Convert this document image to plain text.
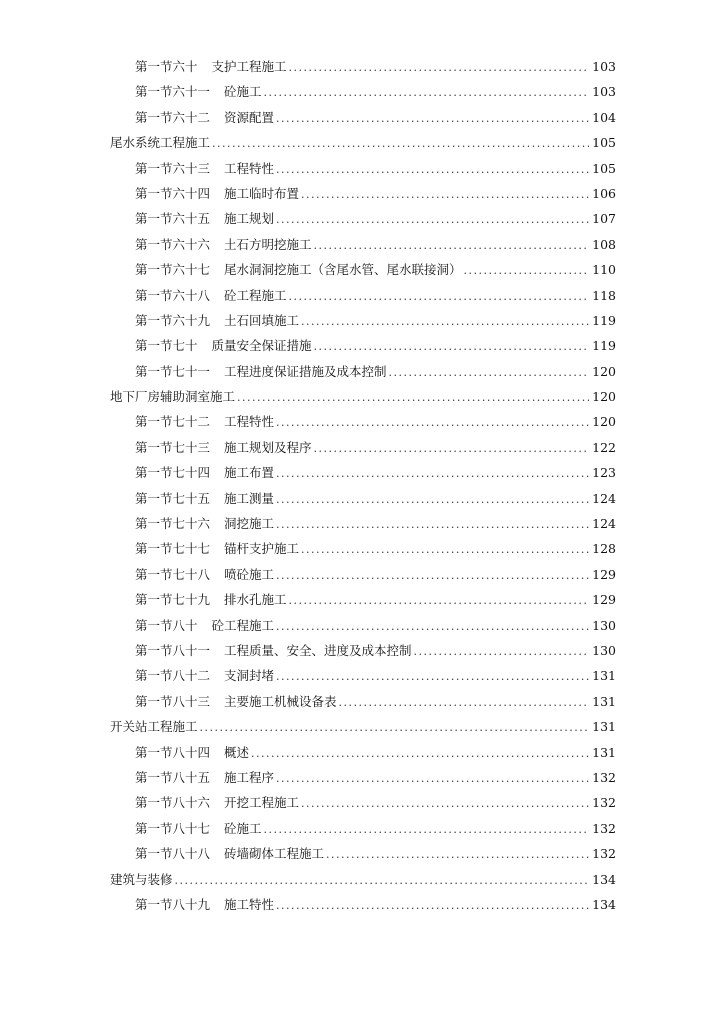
第一节六十 支护工程施工 .....	103
第一节六十一 砼施工 .....	103
第一节六十二 资源配置 .....	104
尾水系统工程施工 .....	105
第一节六十三 工程特性 .....	105
第一节六十四 施工临时布置 .....	106
第一节六十五 施工规划 .....	107
第一节六十六 土石方明挖施工 .....	108
第一节六十七 尾水洞洞挖施工（含尾水管、尾水联接洞） .....	110
第一节六十八 砼工程施工 .....	118
第一节六十九 土石回填施工 .....	119
第一节七十 质量安全保证措施 .....	119
第一节七十一 工程进度保证措施及成本控制 .....	120
地下厂房辅助洞室施工 .....	120
第一节七十二 工程特性 .....	120
第一节七十三 施工规划及程序 .....	122
第一节七十四 施工布置 .....	123
第一节七十五 施工测量 .....	124
第一节七十六 洞挖施工 .....	124
第一节七十七 锚杆支护施工 .....	128
第一节七十八 喷砼施工 .....	129
第一节七十九 排水孔施工 .....	129
第一节八十 砼工程施工 .....	130
第一节八十一 工程质量、安全、进度及成本控制 .....	130
第一节八十二 支洞封堵 .....	131
第一节八十三 主要施工机械设备表 .....	131
开关站工程施工 .....	131
第一节八十四 概述 .....	131
第一节八十五 施工程序 .....	132
第一节八十六 开挖工程施工 .....	132
第一节八十七 砼施工 .....	132
第一节八十八 砖墙砌体工程施工 .....	132
建筑与装修 .....	134
第一节八十九 施工特性 .....	134
